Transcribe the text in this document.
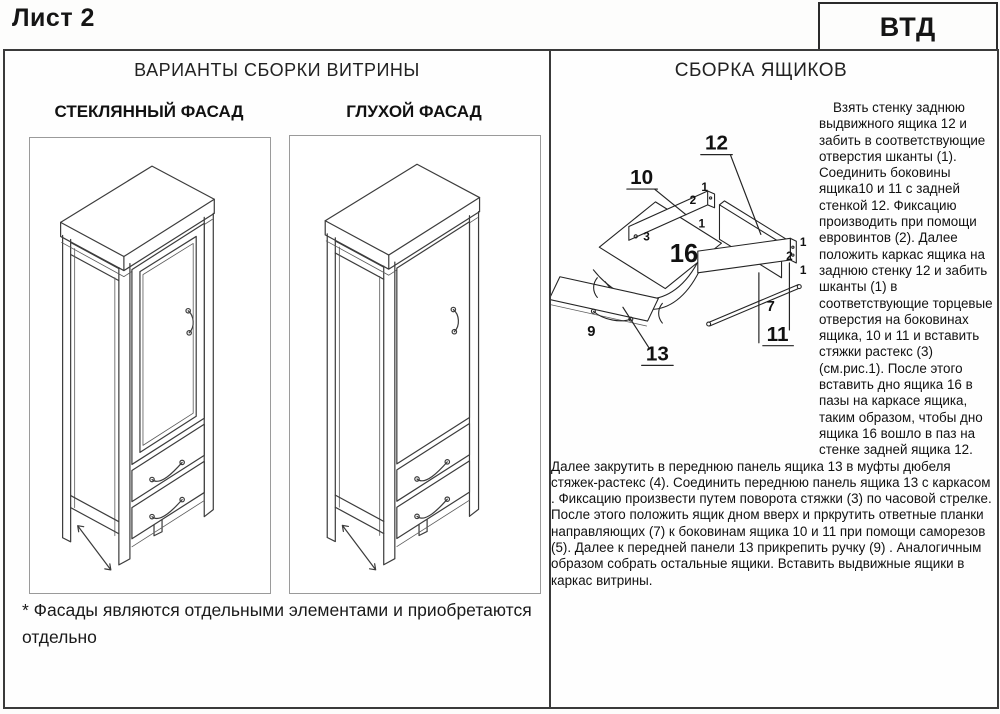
Лист 2	ВТД
ВАРИАНТЫ СБОРКИ ВИТРИНЫ
СТЕКЛЯННЫЙ ФАСАД	ГЛУХОЙ ФАСАД
* Фасады являются отдельными элементами и приобретаются отдельно
СБОРКА ЯЩИКОВ
10
12
16
13
11
9
7
1
2
1
1
2
1
3

Взять стенку заднюю выдвижного ящика 12 и забить в соответствующие отверстия шканты (1). Соединить боковины ящика10 и 11 с задней стенкой 12. Фиксацию производить при помощи евровинтов (2). Далее положить каркас ящика на заднюю стенку 12 и забить шканты (1) в соответствующие торцевые отверстия на боковинах ящика, 10 и 11 и вставить стяжки растекс (3) (см.рис.1). После этого вставить дно ящика 16 в пазы на каркасе ящика, таким образом, чтобы дно ящика 16 вошло в паз на стенке задней ящика 12. Далее закрутить в переднюю панель ящика 13 в муфты дюбеля стяжек-растекс (4). Соединить переднюю панель ящика 13 с каркасом . Фиксацию произвести путем поворота стяжки (3) по часовой стрелке. После этого положить ящик дном вверх и пркрутить ответные планки направляющих (7) к боковинам ящика 10 и 11 при помощи саморезов (5). Далее к передней панели 13 прикрепить ручку (9) . Аналогичным образом собрать остальные ящики. Вставить выдвижные ящики в каркас витрины.
